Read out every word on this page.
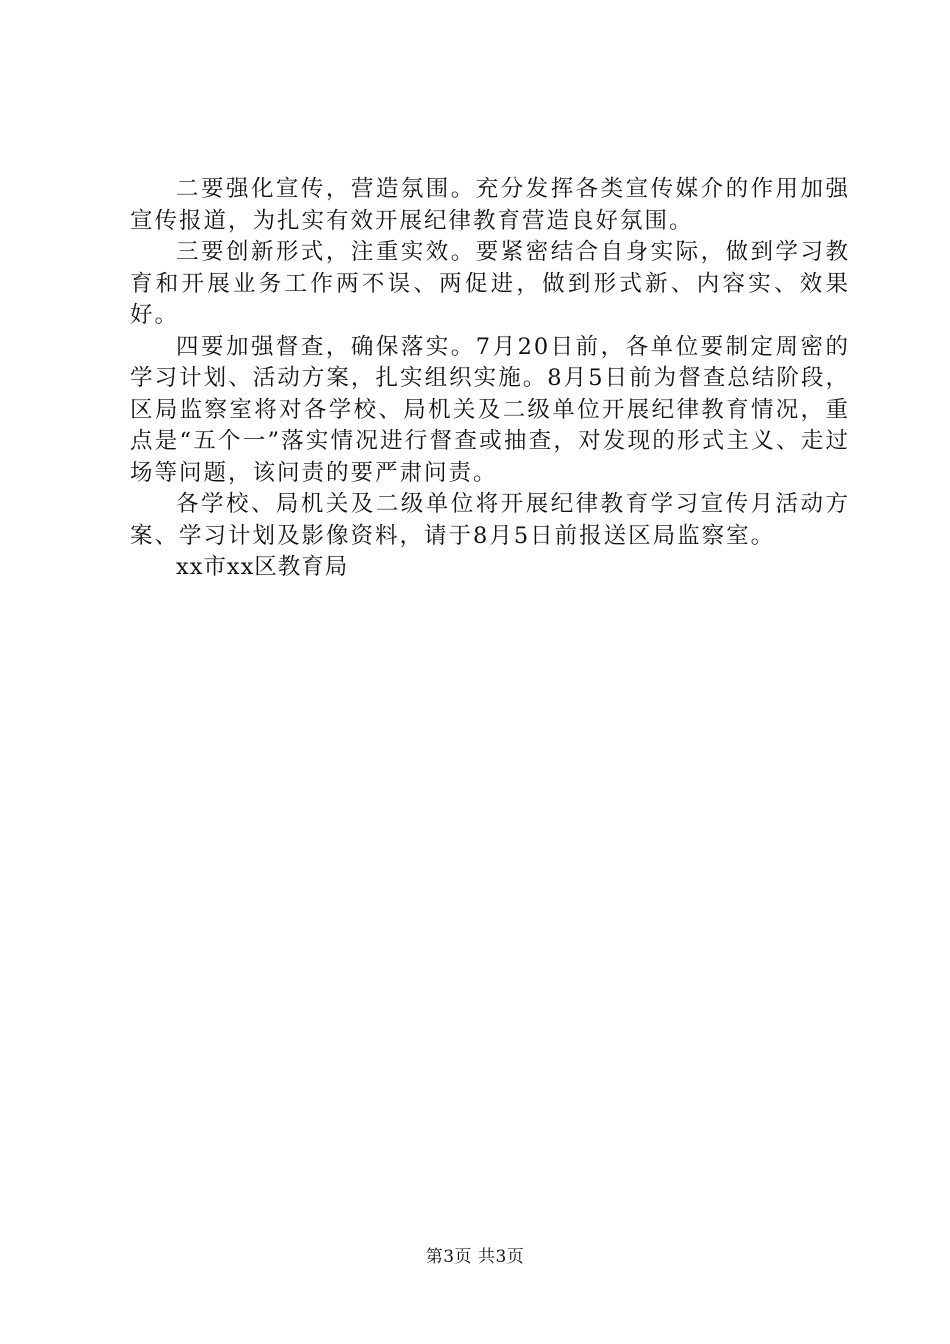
二要强化宣传，营造氛围。充分发挥各类宣传媒介的作用加强宣传报道，为扎实有效开展纪律教育营造良好氛围。

三要创新形式，注重实效。要紧密结合自身实际，做到学习教育和开展业务工作两不误、两促进，做到形式新、内容实、效果好。

四要加强督查，确保落实。7月20日前，各单位要制定周密的学习计划、活动方案，扎实组织实施。8月5日前为督查总结阶段，区局监察室将对各学校、局机关及二级单位开展纪律教育情况，重点是“五个一”落实情况进行督查或抽查，对发现的形式主义、走过场等问题，该问责的要严肃问责。

各学校、局机关及二级单位将开展纪律教育学习宣传月活动方案、学习计划及影像资料，请于8月5日前报送区局监察室。

xx市xx区教育局

第3页 共3页
